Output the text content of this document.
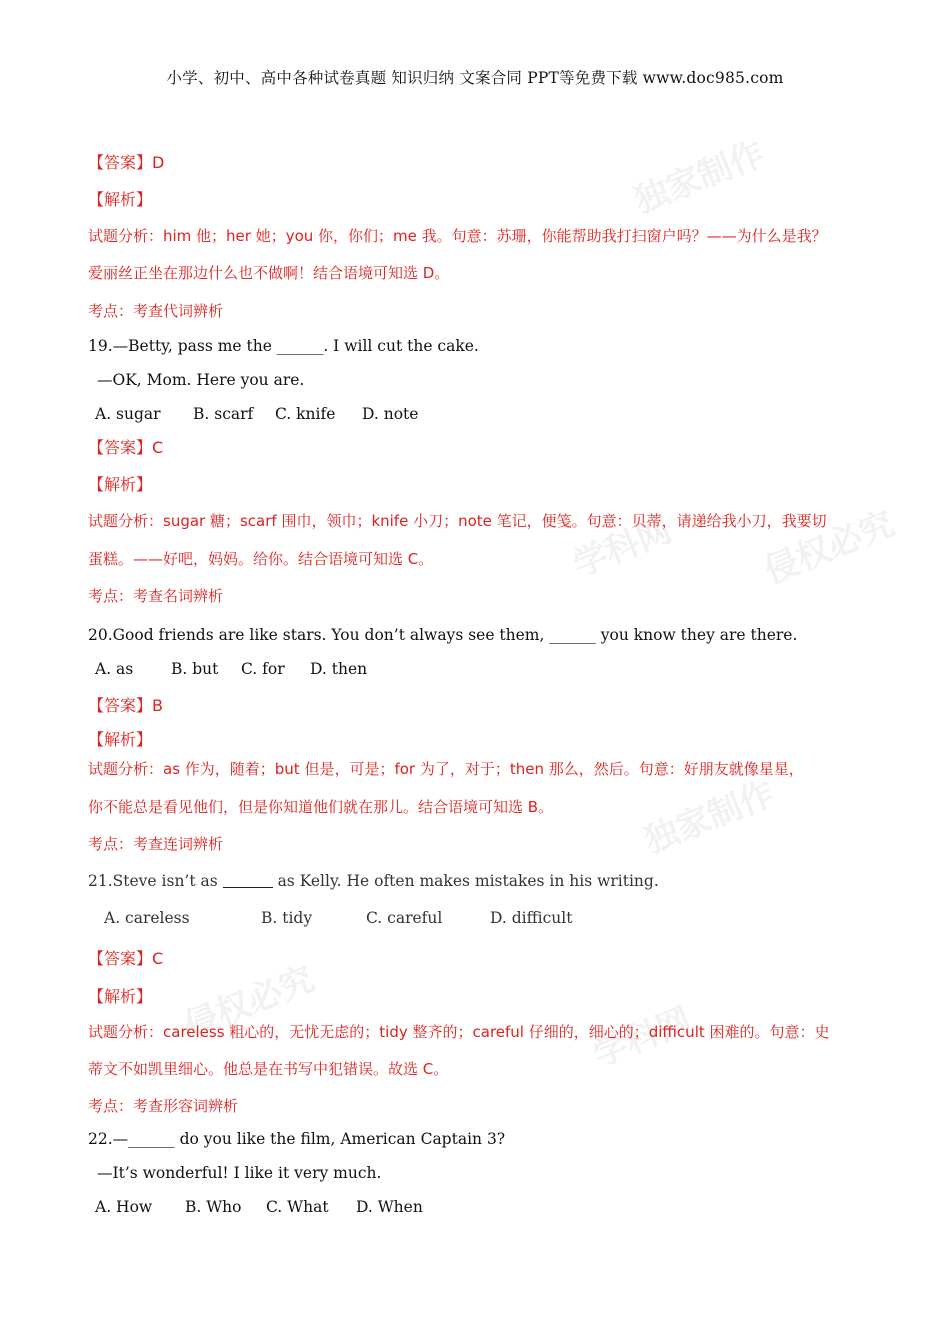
独家制作
侵权必究
学科网
学科网
独家制作
侵权必究
小学、初中、高中各种试卷真题 知识归纳 文案合同 PPT等免费下载 www.doc985.com
【答案】D
【解析】
试题分析：him 他；her 她；you 你，你们；me 我。句意：苏珊，你能帮助我打扫窗户吗？——为什么是我？
爱丽丝正坐在那边什么也不做啊！结合语境可知选 D。
考点：考查代词辨析
19.—Betty, pass me the ______. I will cut the cake.
—OK, Mom. Here you are.
A. sugar B. scarf C. knife D. note
【答案】C
【解析】
试题分析：sugar 糖；scarf 围巾，领巾；knife 小刀；note 笔记，便笺。句意：贝蒂，请递给我小刀，我要切
蛋糕。——好吧，妈妈。给你。结合语境可知选 C。
考点：考查名词辨析
20.Good friends are like stars. You don’t always see them, ______ you know they are there.
A. as B. but C. for D. then
【答案】B
【解析】
试题分析：as 作为，随着；but 但是，可是；for 为了，对于；then 那么，然后。句意：好朋友就像星星，
你不能总是看见他们，但是你知道他们就在那儿。结合语境可知选 B。
考点：考查连词辨析
21.Steve isn’t as	as Kelly. He often makes mistakes in his writing.
A. careless	B. tidy	C. careful	D. difficult
【答案】C
【解析】
试题分析：careless 粗心的，无忧无虑的；tidy 整齐的；careful 仔细的，细心的；difficult 困难的。句意：史
蒂文不如凯里细心。他总是在书写中犯错误。故选 C。
考点：考查形容词辨析
22.—______ do you like the film, American Captain 3?
—It’s wonderful! I like it very much.
A. How B. Who C. What D. When
